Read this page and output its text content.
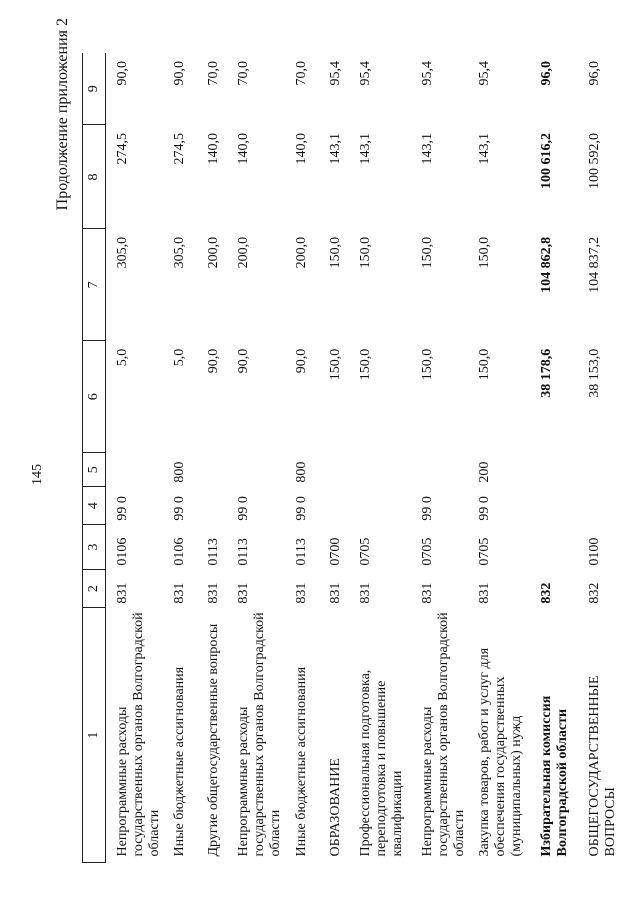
145
Продолжение приложения 2
1	2	3	4	5	6	7	8	9
Непрограммные расходы государственных органов Волгоградской области	831	0106	99 0		5,0	305,0	274,5	90,0
Иные бюджетные ассигнования	831	0106	99 0	800	5,0	305,0	274,5	90,0
Другие общегосударственные вопросы	831	0113			90,0	200,0	140,0	70,0
Непрограммные расходы государственных органов Волгоградской области	831	0113	99 0		90,0	200,0	140,0	70,0
Иные бюджетные ассигнования	831	0113	99 0	800	90,0	200,0	140,0	70,0
ОБРАЗОВАНИЕ	831	0700			150,0	150,0	143,1	95,4
Профессиональная подготовка, переподготовка и повышение квалификации	831	0705			150,0	150,0	143,1	95,4
Непрограммные расходы государственных органов Волгоградской области	831	0705	99 0		150,0	150,0	143,1	95,4
Закупка товаров, работ и услуг для обеспечения государственных (муниципальных) нужд	831	0705	99 0	200	150,0	150,0	143,1	95,4
Избирательная комиссия Волгоградской области	832				38 178,6	104 862,8	100 616,2	96,0
ОБЩЕГОСУДАРСТВЕННЫЕ ВОПРОСЫ	832	0100			38 153,0	104 837,2	100 592,0	96,0
